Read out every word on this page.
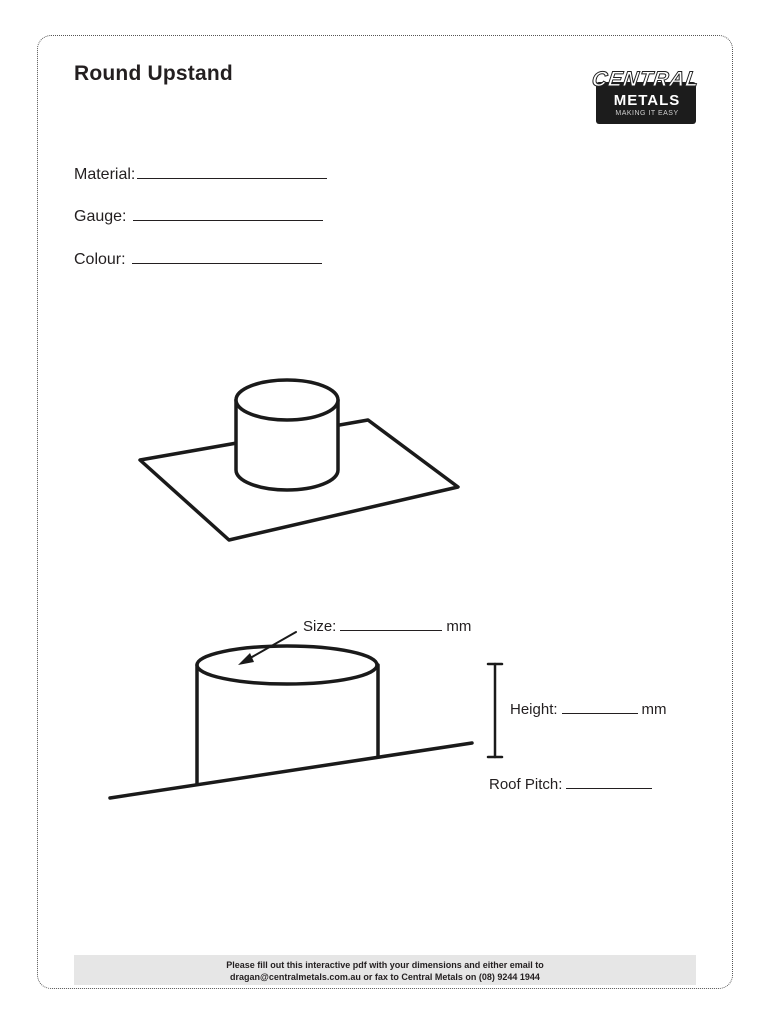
Round Upstand	CENTRAL
METALS
MAKING IT EASY
Material:
Gauge:
Colour:
Size:	mm
Height:	mm
Roof Pitch:
Please fill out this interactive pdf with your dimensions and either email to
dragan@centralmetals.com.au or fax to Central Metals on (08) 9244 1944
